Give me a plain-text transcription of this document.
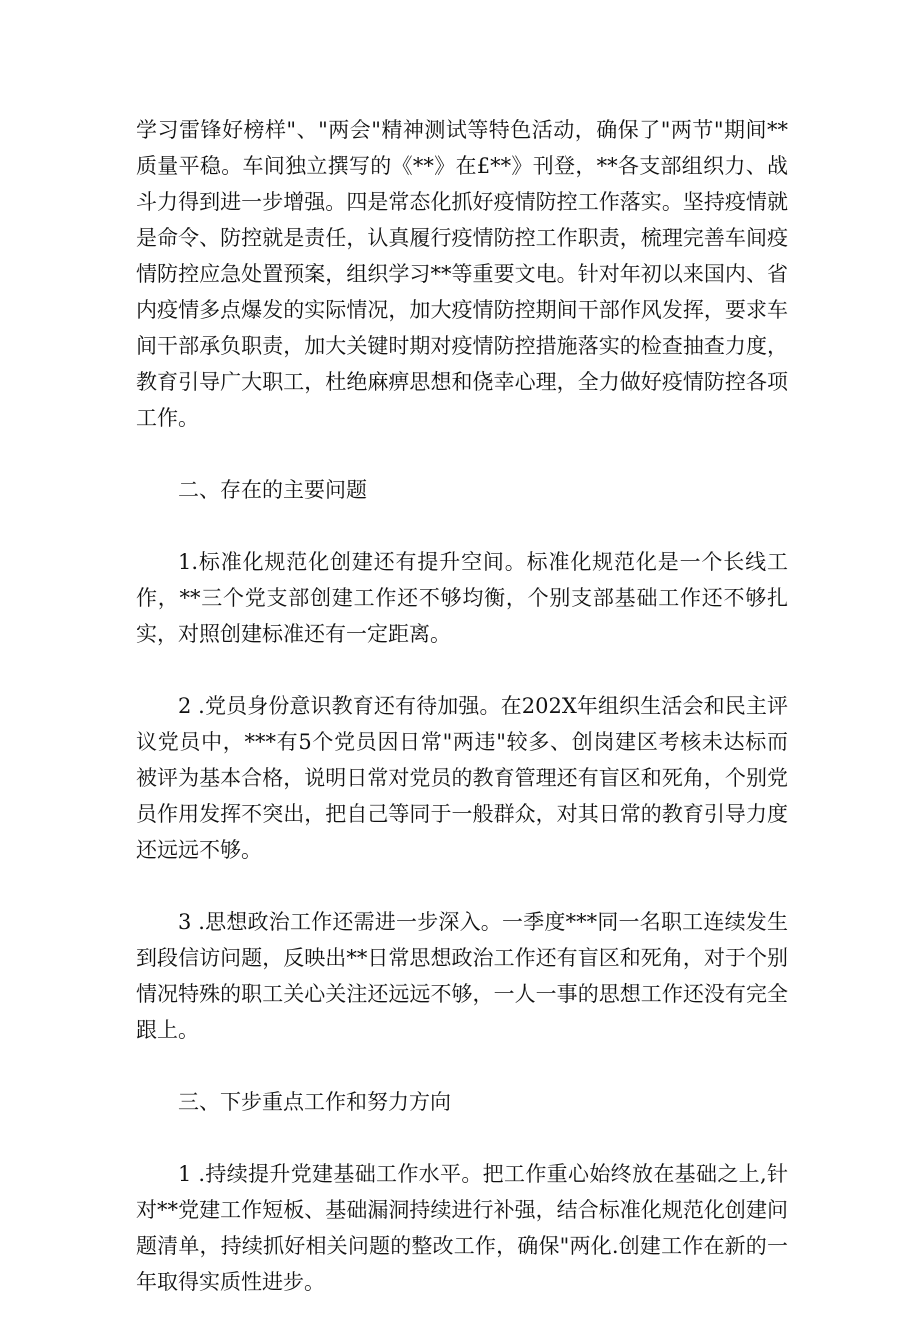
学习雷锋好榜样"、"两会"精神测试等特色活动，确保了"两节"期间**质量平稳。车间独立撰写的《**》在£**》刊登，**各支部组织力、战斗力得到进一步增强。四是常态化抓好疫情防控工作落实。坚持疫情就是命令、防控就是责任，认真履行疫情防控工作职责，梳理完善车间疫情防控应急处置预案，组织学习**等重要文电。针对年初以来国内、省内疫情多点爆发的实际情况，加大疫情防控期间干部作风发挥，要求车间干部承负职责，加大关键时期对疫情防控措施落实的检查抽查力度，教育引导广大职工，杜绝麻痹思想和侥幸心理，全力做好疫情防控各项工作。

二、存在的主要问题

1.标准化规范化创建还有提升空间。标准化规范化是一个长线工作，**三个党支部创建工作还不够均衡，个别支部基础工作还不够扎实，对照创建标准还有一定距离。

2 .党员身份意识教育还有待加强。在202X年组织生活会和民主评议党员中，***有5个党员因日常"两违"较多、创岗建区考核未达标而被评为基本合格，说明日常对党员的教育管理还有盲区和死角，个别党员作用发挥不突出，把自己等同于一般群众，对其日常的教育引导力度还远远不够。

3 .思想政治工作还需进一步深入。一季度***同一名职工连续发生到段信访问题，反映出**日常思想政治工作还有盲区和死角，对于个别情况特殊的职工关心关注还远远不够，一人一事的思想工作还没有完全跟上。

三、下步重点工作和努力方向

1 .持续提升党建基础工作水平。把工作重心始终放在基础之上,针对**党建工作短板、基础漏洞持续进行补强，结合标准化规范化创建问题清单，持续抓好相关问题的整改工作，确保"两化.创建工作在新的一年取得实质性进步。
